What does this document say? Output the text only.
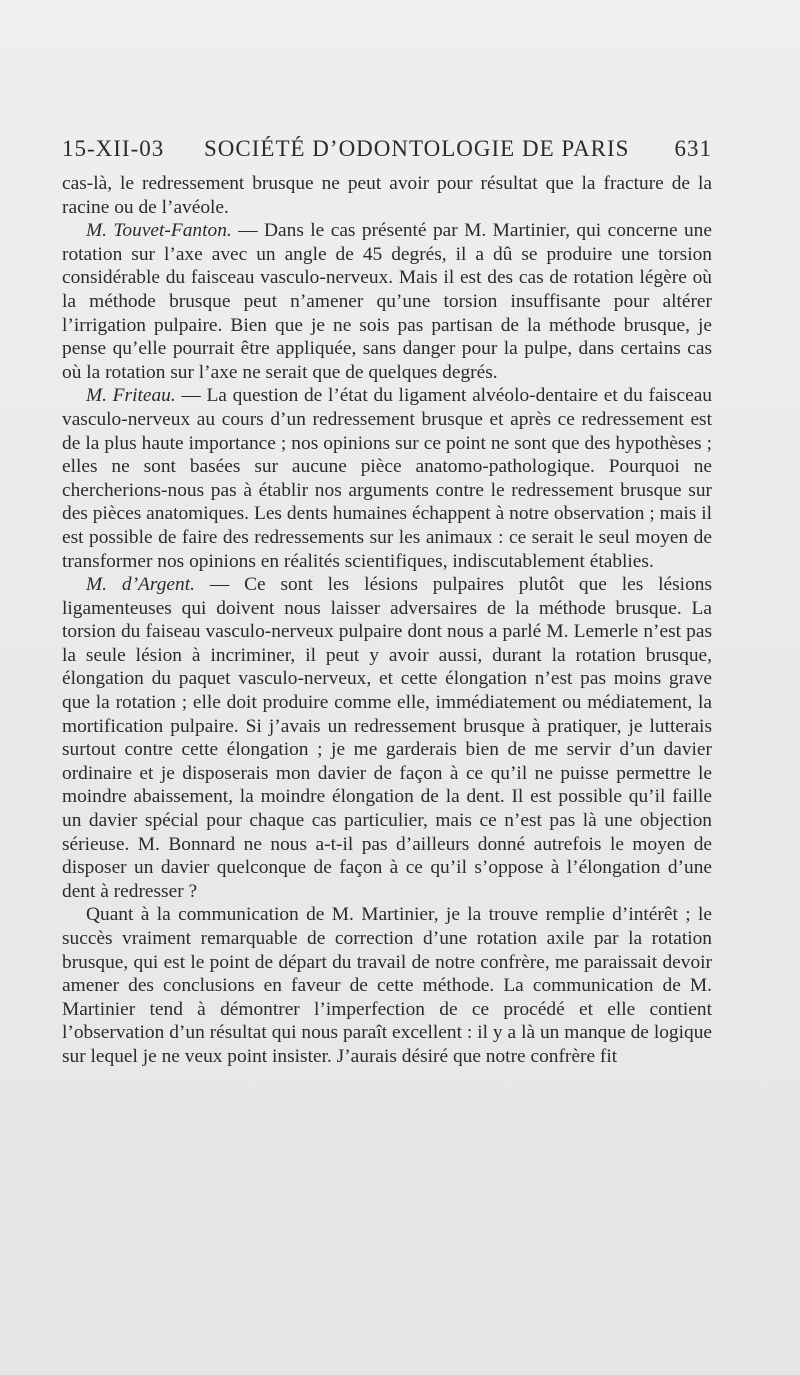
15-XII-03 SOCIÉTÉ D’ODONTOLOGIE DE PARIS 631

cas-là, le redressement brusque ne peut avoir pour résultat que la fracture de la racine ou de l’avéole.

M. Touvet-Fanton. — Dans le cas présenté par M. Martinier, qui concerne une rotation sur l’axe avec un angle de 45 degrés, il a dû se produire une torsion considérable du faisceau vasculo-nerveux. Mais il est des cas de rotation légère où la méthode brusque peut n’amener qu’une torsion insuffisante pour altérer l’irrigation pulpaire. Bien que je ne sois pas partisan de la méthode brusque, je pense qu’elle pourrait être appliquée, sans danger pour la pulpe, dans certains cas où la rotation sur l’axe ne serait que de quelques degrés.

M. Friteau. — La question de l’état du ligament alvéolo-dentaire et du faisceau vasculo-nerveux au cours d’un redressement brusque et après ce redressement est de la plus haute importance ; nos opinions sur ce point ne sont que des hypothèses ; elles ne sont basées sur aucune pièce anatomo-pathologique. Pourquoi ne chercherions-nous pas à établir nos arguments contre le redressement brusque sur des pièces anatomiques. Les dents humaines échappent à notre observation ; mais il est possible de faire des redressements sur les animaux : ce serait le seul moyen de transformer nos opinions en réalités scientifiques, indiscutablement établies.

M. d’Argent. — Ce sont les lésions pulpaires plutôt que les lésions ligamenteuses qui doivent nous laisser adversaires de la méthode brusque. La torsion du faiseau vasculo-nerveux pulpaire dont nous a parlé M. Lemerle n’est pas la seule lésion à incriminer, il peut y avoir aussi, durant la rotation brusque, élongation du paquet vasculo-nerveux, et cette élongation n’est pas moins grave que la rotation ; elle doit produire comme elle, immédiatement ou médiatement, la mortification pulpaire. Si j’avais un redressement brusque à pratiquer, je lutterais surtout contre cette élongation ; je me garderais bien de me servir d’un davier ordinaire et je disposerais mon davier de façon à ce qu’il ne puisse permettre le moindre abaissement, la moindre élongation de la dent. Il est possible qu’il faille un davier spécial pour chaque cas particulier, mais ce n’est pas là une objection sérieuse. M. Bonnard ne nous a-t-il pas d’ailleurs donné autrefois le moyen de disposer un davier quelconque de façon à ce qu’il s’oppose à l’élongation d’une dent à redresser ?

Quant à la communication de M. Martinier, je la trouve remplie d’intérêt ; le succès vraiment remarquable de correction d’une rotation axile par la rotation brusque, qui est le point de départ du travail de notre confrère, me paraissait devoir amener des conclusions en faveur de cette méthode. La communication de M. Martinier tend à démontrer l’imperfection de ce procédé et elle contient l’observation d’un résultat qui nous paraît excellent : il y a là un manque de logique sur lequel je ne veux point insister. J’aurais désiré que notre confrère fit
